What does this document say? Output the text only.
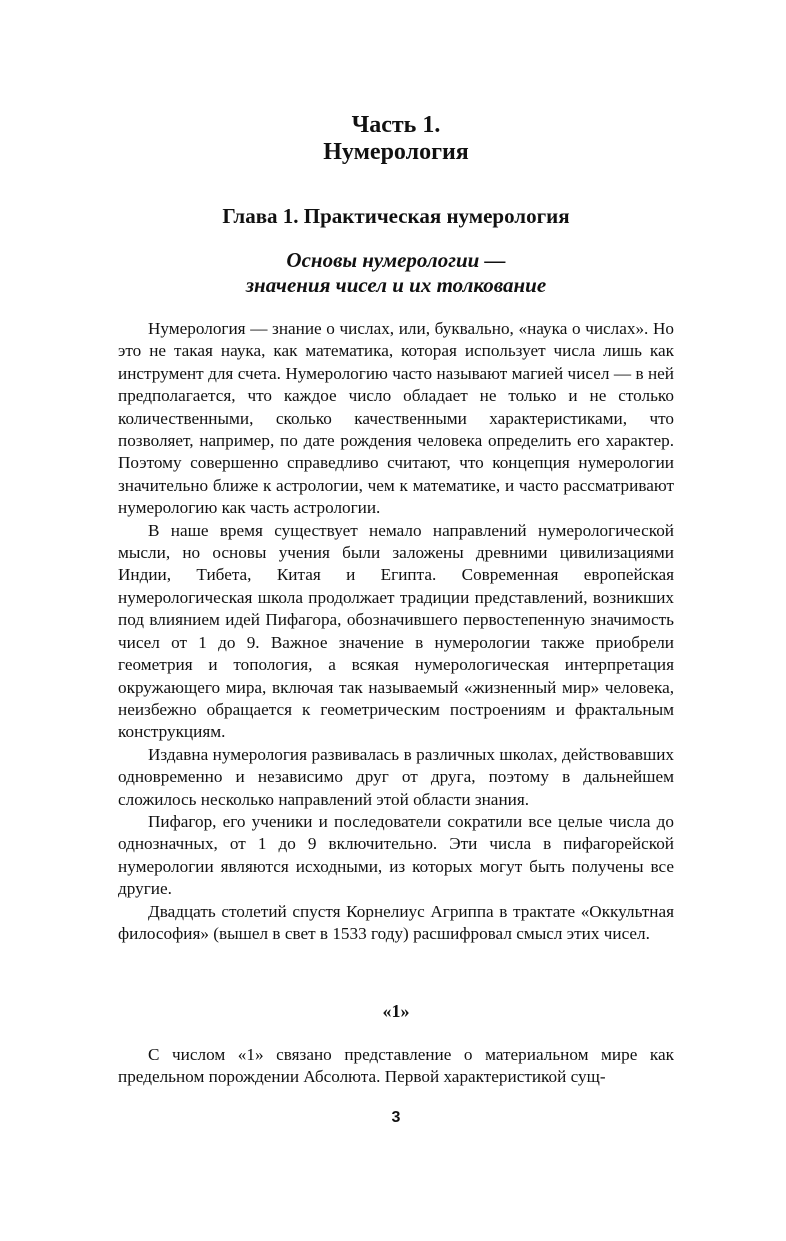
Часть 1.
Нумерология
Глава 1. Практическая нумерология
Основы нумерологии —
значения чисел и их толкование

Нумерология — знание о числах, или, буквально, «наука о числах». Но это не такая наука, как математика, которая использует числа лишь как инструмент для счета. Нумерологию часто называют магией чисел — в ней предполагается, что каждое число обладает не только и не столько количественными, сколько качественными характеристиками, что позволяет, например, по дате рождения человека определить его характер. Поэтому совершенно справедливо считают, что концепция нумерологии значительно ближе к астрологии, чем к математике, и часто рассматривают нумерологию как часть астрологии.

В наше время существует немало направлений нумерологической мысли, но основы учения были заложены древними цивилизациями Индии, Тибета, Китая и Египта. Современная европейская нумерологическая школа продолжает традиции представлений, возникших под влиянием идей Пифагора, обозначившего первостепенную значимость чисел от 1 до 9. Важное значение в нумерологии также приобрели геометрия и топология, а всякая нумерологическая интерпретация окружающего мира, включая так называемый «жизненный мир» человека, неизбежно обращается к геометрическим построениям и фрактальным конструкциям.

Издавна нумерология развивалась в различных школах, действовавших одновременно и независимо друг от друга, поэтому в дальнейшем сложилось несколько направлений этой области знания.

Пифагор, его ученики и последователи сократили все целые числа до однозначных, от 1 до 9 включительно. Эти числа в пифагорейской нумерологии являются исходными, из которых могут быть получены все другие.

Двадцать столетий спустя Корнелиус Агриппа в трактате «Оккультная философия» (вышел в свет в 1533 году) расшифровал смысл этих чисел.

«1»

С числом «1» связано представление о материальном мире как предельном порождении Абсолюта. Первой характеристикой сущ-

3
